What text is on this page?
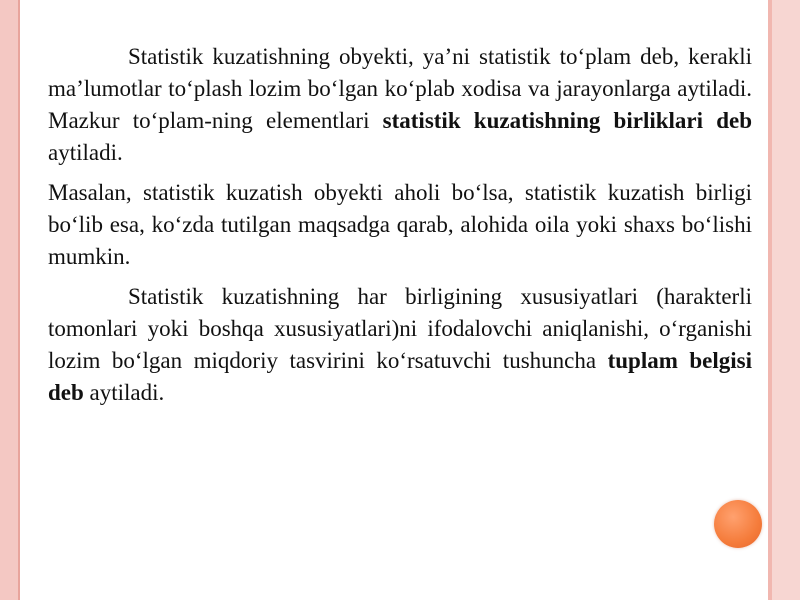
Statistik kuzatishning obyekti, ya’ni statistik to‘plam deb, kerakli ma’lumotlar to‘plash lozim bo‘lgan ko‘plab xodisa va jarayonlarga aytiladi. Mazkur to‘plam-ning elementlari statistik kuzatishning birliklari deb aytiladi.

Masalan, statistik kuzatish obyekti aholi bo‘lsa, statistik kuzatish birligi bo‘lib esa, ko‘zda tutilgan maqsadga qarab, alohida oila yoki shaxs bo‘lishi mumkin.

Statistik kuzatishning har birligining xususiyatlari (harakterli tomonlari yoki boshqa xususiyatlari)ni ifodalovchi aniqlanishi, o‘rganishi lozim bo‘lgan miqdoriy tasvirini ko‘rsatuvchi tushuncha tuplam belgisi deb aytiladi.
